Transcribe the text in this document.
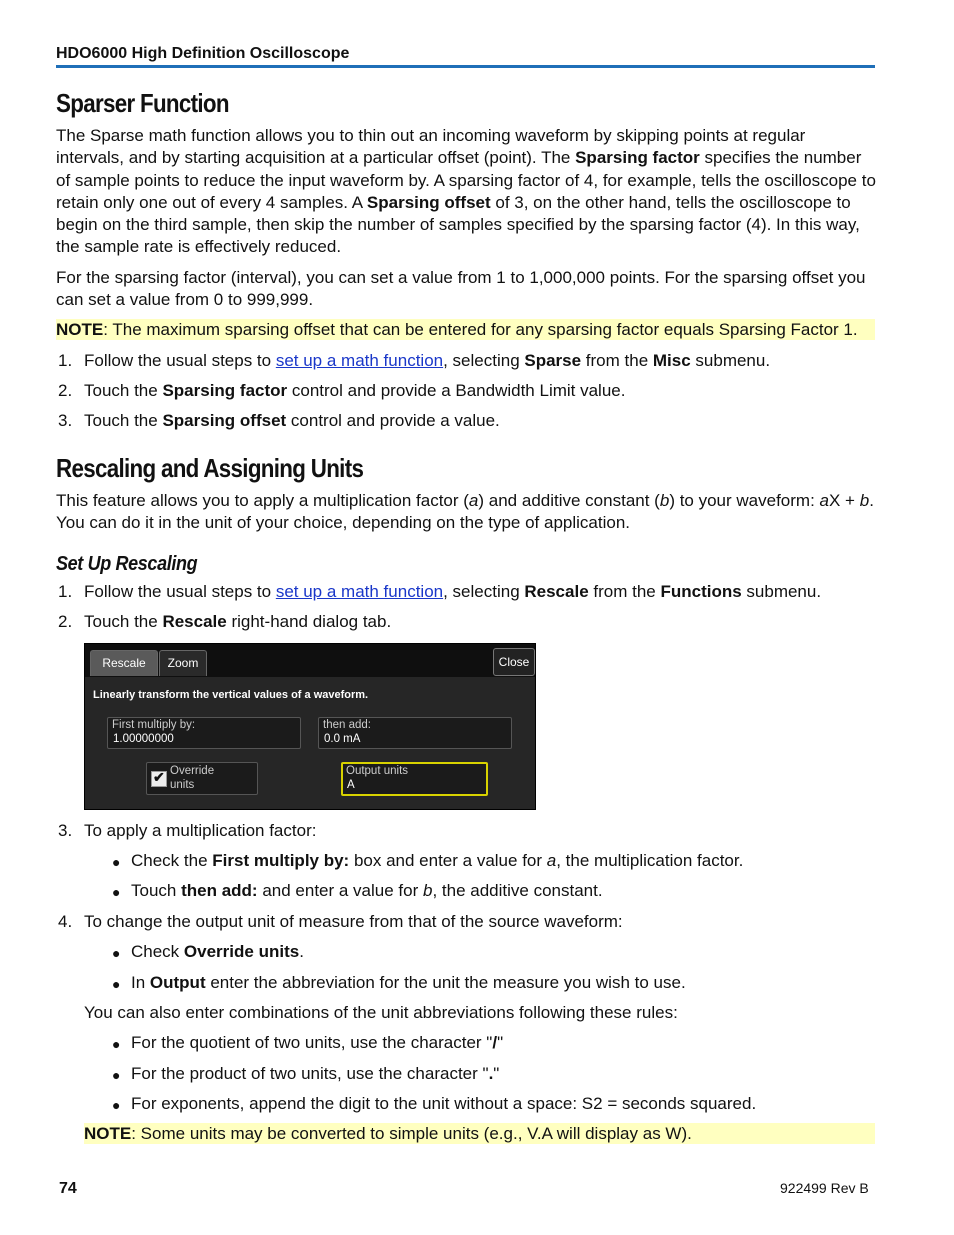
HDO6000 High Definition Oscilloscope
Sparser Function
The Sparse math function allows you to thin out an incoming waveform by skipping points at regular intervals, and by starting acquisition at a particular offset (point). The Sparsing factor specifies the number of sample points to reduce the input waveform by. A sparsing factor of 4, for example, tells the oscilloscope to retain only one out of every 4 samples. A Sparsing offset of 3, on the other hand, tells the oscilloscope to begin on the third sample, then skip the number of samples specified by the sparsing factor (4). In this way, the sample rate is effectively reduced.
For the sparsing factor (interval), you can set a value from 1 to 1,000,000 points. For the sparsing offset you can set a value from 0 to 999,999.
NOTE: The maximum sparsing offset that can be entered for any sparsing factor equals Sparsing Factor 1.
1. Follow the usual steps to set up a math function, selecting Sparse from the Misc submenu.
2. Touch the Sparsing factor control and provide a Bandwidth Limit value.
3. Touch the Sparsing offset control and provide a value.
Rescaling and Assigning Units
This feature allows you to apply a multiplication factor (a) and additive constant (b) to your waveform: aX + b. You can do it in the unit of your choice, depending on the type of application.
Set Up Rescaling
1. Follow the usual steps to set up a math function, selecting Rescale from the Functions submenu.
2. Touch the Rescale right-hand dialog tab.
Rescale	Zoom	Close
Linearly transform the vertical values of a waveform.
First multiply by:
1.00000000
then add:
0.0 mA
✔ Override
units
Output units
A
3. To apply a multiplication factor:
● Check the First multiply by: box and enter a value for a, the multiplication factor.
● Touch then add: and enter a value for b, the additive constant.
4. To change the output unit of measure from that of the source waveform:
● Check Override units.
● In Output enter the abbreviation for the unit the measure you wish to use.
You can also enter combinations of the unit abbreviations following these rules:
● For the quotient of two units, use the character "/"
● For the product of two units, use the character "."
● For exponents, append the digit to the unit without a space: S2 = seconds squared.
NOTE: Some units may be converted to simple units (e.g., V.A will display as W).
74	922499 Rev B
